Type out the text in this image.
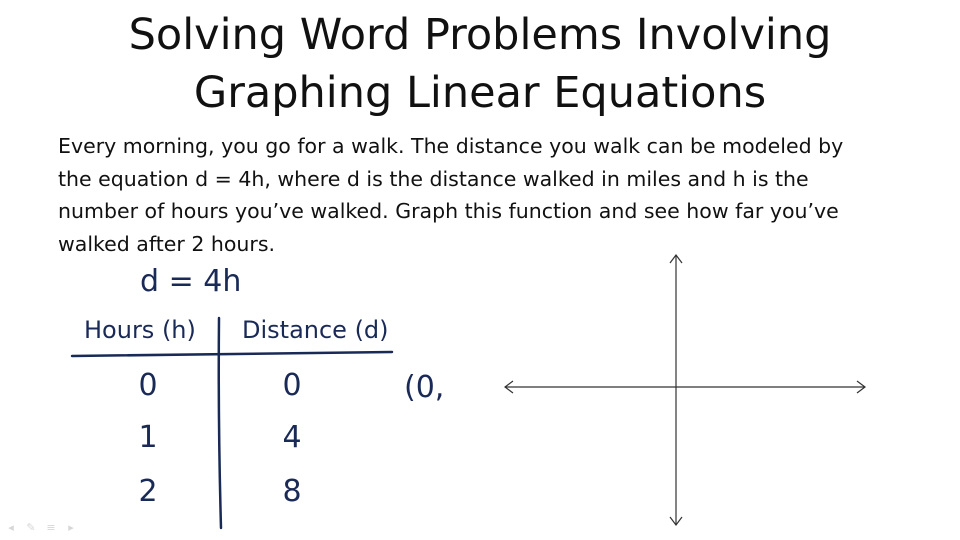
Solving Word Problems Involving
Graphing Linear Equations
Every morning, you go for a walk. The distance you walk can be modeled by
the equation d = 4h, where d is the distance walked in miles and h is the
number of hours you’ve walked. Graph this function and see how far you’ve
walked after 2 hours.
d = 4h
Hours (h) Distance (d)
0	0
1	4
2	8
(0,
◂	✎ ≡	▸
